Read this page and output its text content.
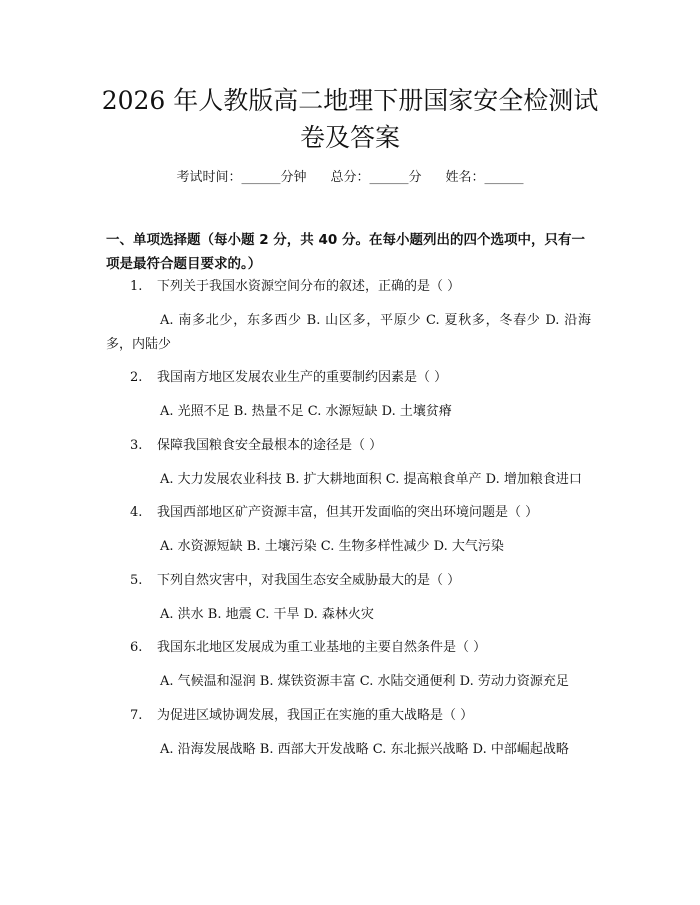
2026 年人教版高二地理下册国家安全检测试卷及答案
考试时间：______分钟 总分：______分 姓名：______

一、单项选择题（每小题 2 分，共 40 分。在每小题列出的四个选项中，只有一项是最符合题目要求的。）

1.	下列关于我国水资源空间分布的叙述，正确的是（ ）

A. 南多北少，东多西少 B. 山区多，平原少 C. 夏秋多，冬春少 D. 沿海多，内陆少

2.	我国南方地区发展农业生产的重要制约因素是（ ）

A. 光照不足 B. 热量不足 C. 水源短缺 D. 土壤贫瘠

3.	保障我国粮食安全最根本的途径是（ ）

A. 大力发展农业科技 B. 扩大耕地面积 C. 提高粮食单产 D. 增加粮食进口

4.	我国西部地区矿产资源丰富，但其开发面临的突出环境问题是（ ）

A. 水资源短缺 B. 土壤污染 C. 生物多样性减少 D. 大气污染

5.	下列自然灾害中，对我国生态安全威胁最大的是（ ）

A. 洪水 B. 地震 C. 干旱 D. 森林火灾

6.	我国东北地区发展成为重工业基地的主要自然条件是（ ）

A. 气候温和湿润 B. 煤铁资源丰富 C. 水陆交通便利 D. 劳动力资源充足

7.	为促进区域协调发展，我国正在实施的重大战略是（ ）

A. 沿海发展战略 B. 西部大开发战略 C. 东北振兴战略 D. 中部崛起战略
